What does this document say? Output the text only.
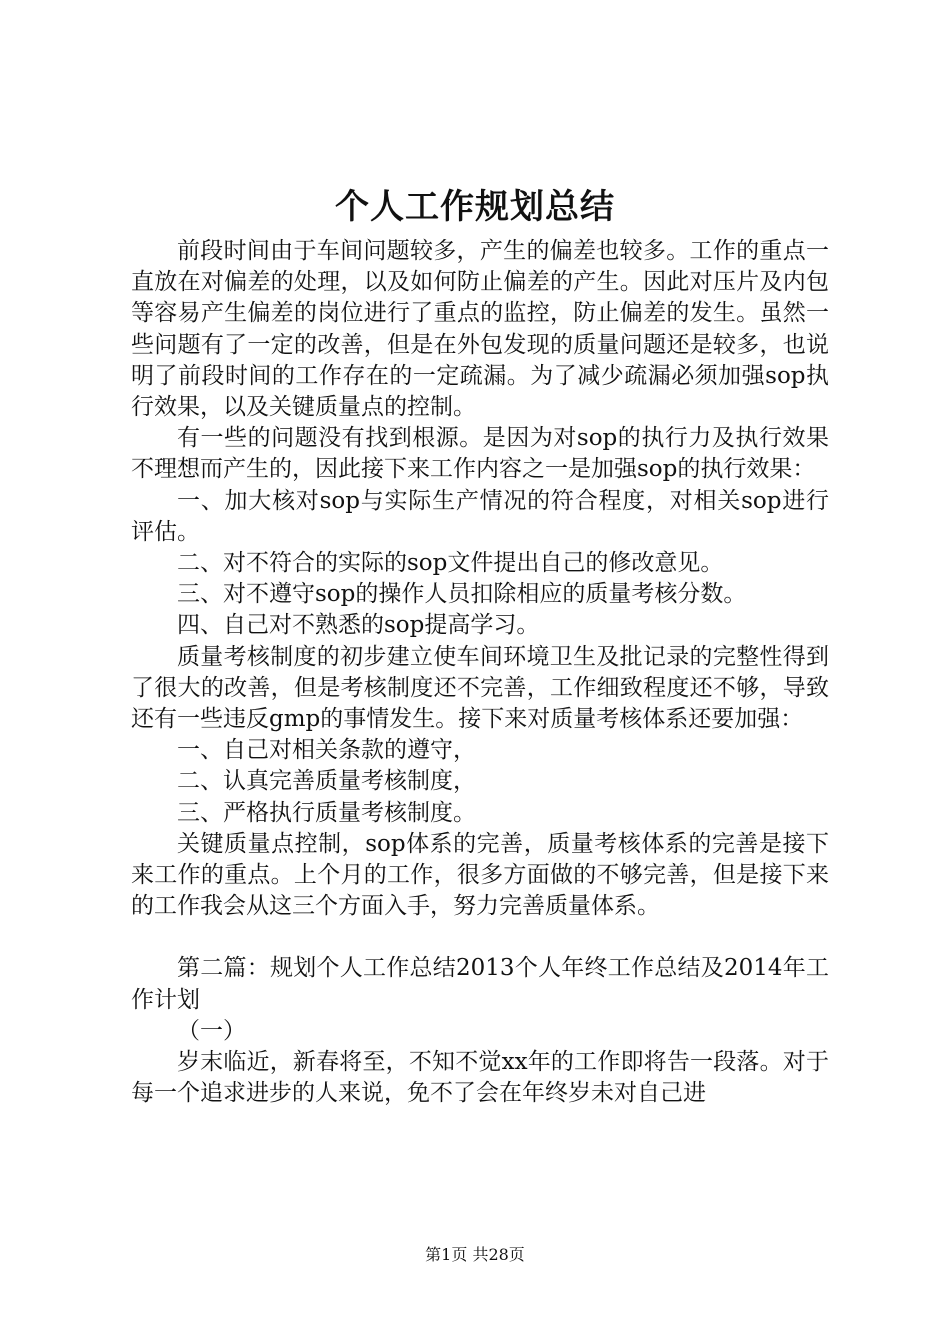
个人工作规划总结

前段时间由于车间问题较多，产生的偏差也较多。工作的重点一直放在对偏差的处理，以及如何防止偏差的产生。因此对压片及内包等容易产生偏差的岗位进行了重点的监控，防止偏差的发生。虽然一些问题有了一定的改善，但是在外包发现的质量问题还是较多，也说明了前段时间的工作存在的一定疏漏。为了减少疏漏必须加强sop执行效果，以及关键质量点的控制。

有一些的问题没有找到根源。是因为对sop的执行力及执行效果不理想而产生的，因此接下来工作内容之一是加强sop的执行效果：

一、加大核对sop与实际生产情况的符合程度，对相关sop进行评估。

二、对不符合的实际的sop文件提出自己的修改意见。

三、对不遵守sop的操作人员扣除相应的质量考核分数。

四、自己对不熟悉的sop提高学习。

质量考核制度的初步建立使车间环境卫生及批记录的完整性得到了很大的改善，但是考核制度还不完善，工作细致程度还不够，导致还有一些违反gmp的事情发生。接下来对质量考核体系还要加强：

一、自己对相关条款的遵守，

二、认真完善质量考核制度，

三、严格执行质量考核制度。

关键质量点控制，sop体系的完善，质量考核体系的完善是接下来工作的重点。上个月的工作，很多方面做的不够完善，但是接下来的工作我会从这三个方面入手，努力完善质量体系。

第二篇：规划个人工作总结2013个人年终工作总结及2014年工作计划

（一）

岁末临近，新春将至，不知不觉xx年的工作即将告一段落。对于每一个追求进步的人来说，免不了会在年终岁未对自己进

第1页 共28页
